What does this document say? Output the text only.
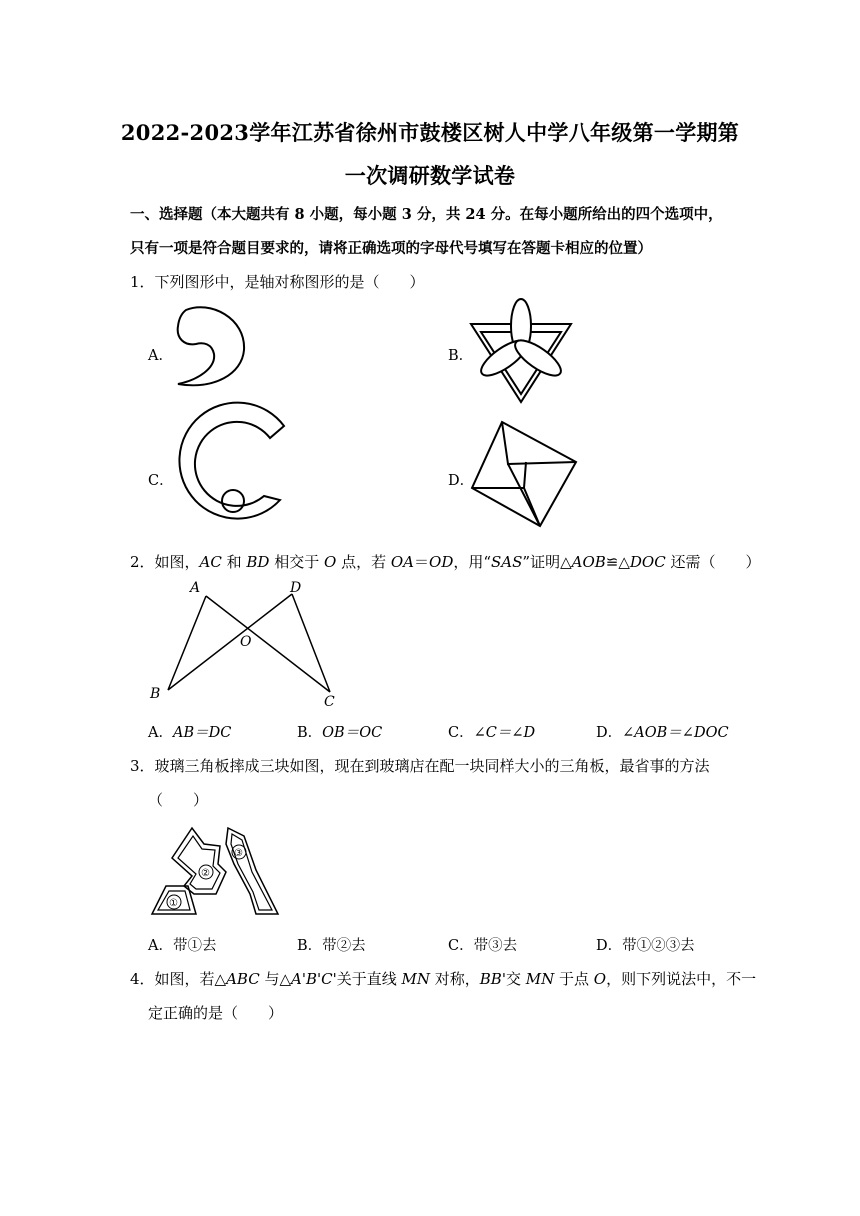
2022-2023学年江苏省徐州市鼓楼区树人中学八年级第一学期第
一次调研数学试卷
一、选择题（本大题共有 8 小题，每小题 3 分，共 24 分。在每小题所给出的四个选项中，
只有一项是符合题目要求的，请将正确选项的字母代号填写在答题卡相应的位置）
1．下列图形中，是轴对称图形的是（　　）
A．	B．
C．	D．
2．如图，AC 和 BD 相交于 O 点，若 OA＝OD，用“SAS”证明△AOB≌△DOC 还需（　　）
A	D
O
B	C
A．AB＝DC	B．OB＝OC	C．∠C＝∠D	D．∠AOB＝∠DOC
3．玻璃三角板摔成三块如图，现在到玻璃店在配一块同样大小的三角板，最省事的方法
（　　）
①
②
③
A．带①去	B．带②去	C．带③去	D．带①②③去
4．如图，若△ABC 与△A'B'C'关于直线 MN 对称，BB'交 MN 于点 O，则下列说法中，不一
定正确的是（　　）
